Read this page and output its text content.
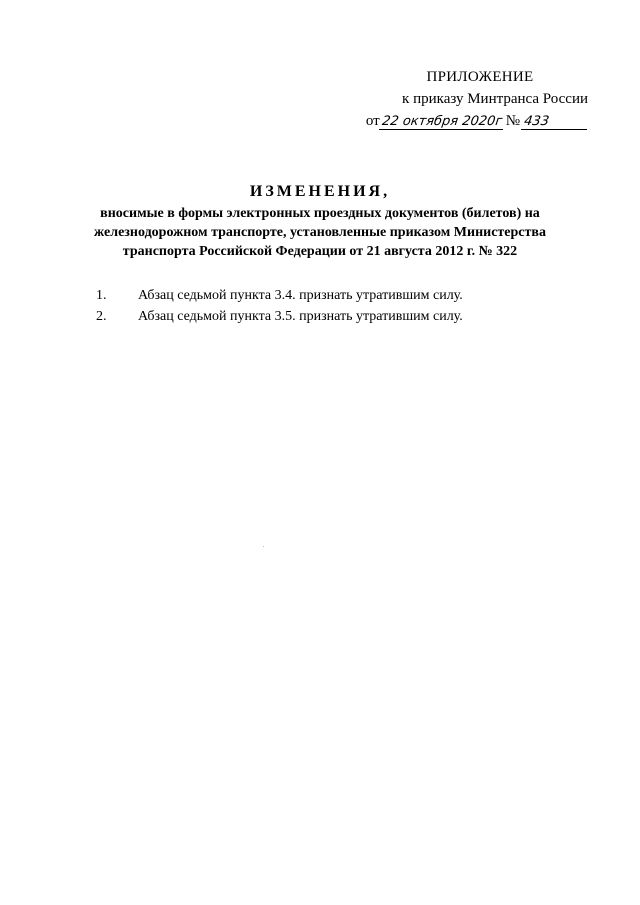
ПРИЛОЖЕНИЕ
к приказу Минтранса России
от22 октября 2020г № 433
ИЗМЕНЕНИЯ,
вносимые в формы электронных проездных документов (билетов) на
железнодорожном транспорте, установленные приказом Министерства
транспорта Российской Федерации от 21 августа 2012 г. № 322
1.	Абзац седьмой пункта 3.4. признать утратившим силу.
2.	Абзац седьмой пункта 3.5. признать утратившим силу.
